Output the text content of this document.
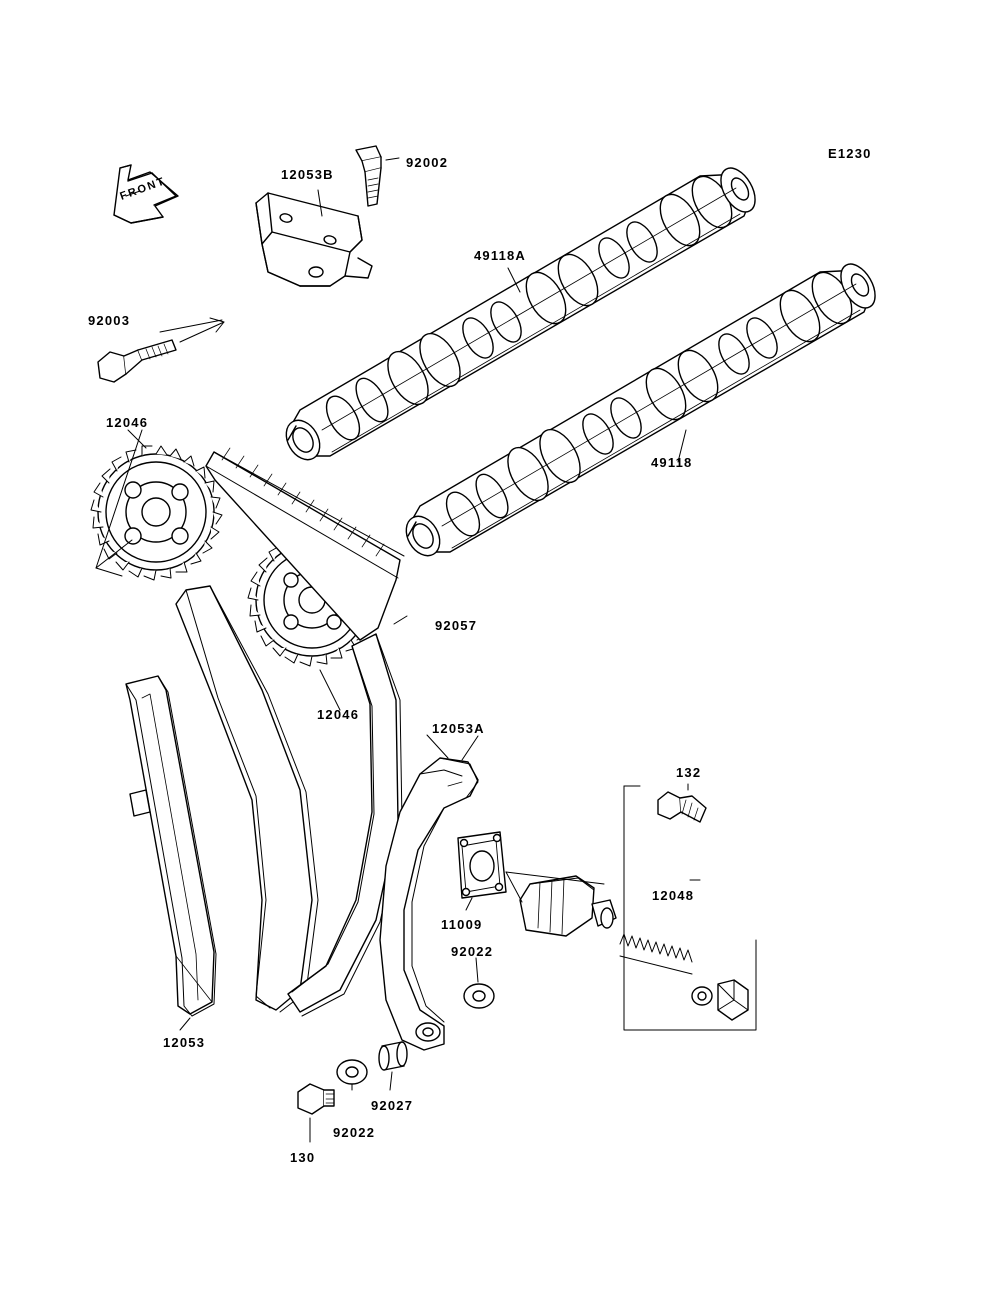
FRONT
E1230
92002
12053B
49118A
92003
12046
49118
92057
12046
12053A
132
12048
11009
92022
12053
92027
92022
130
